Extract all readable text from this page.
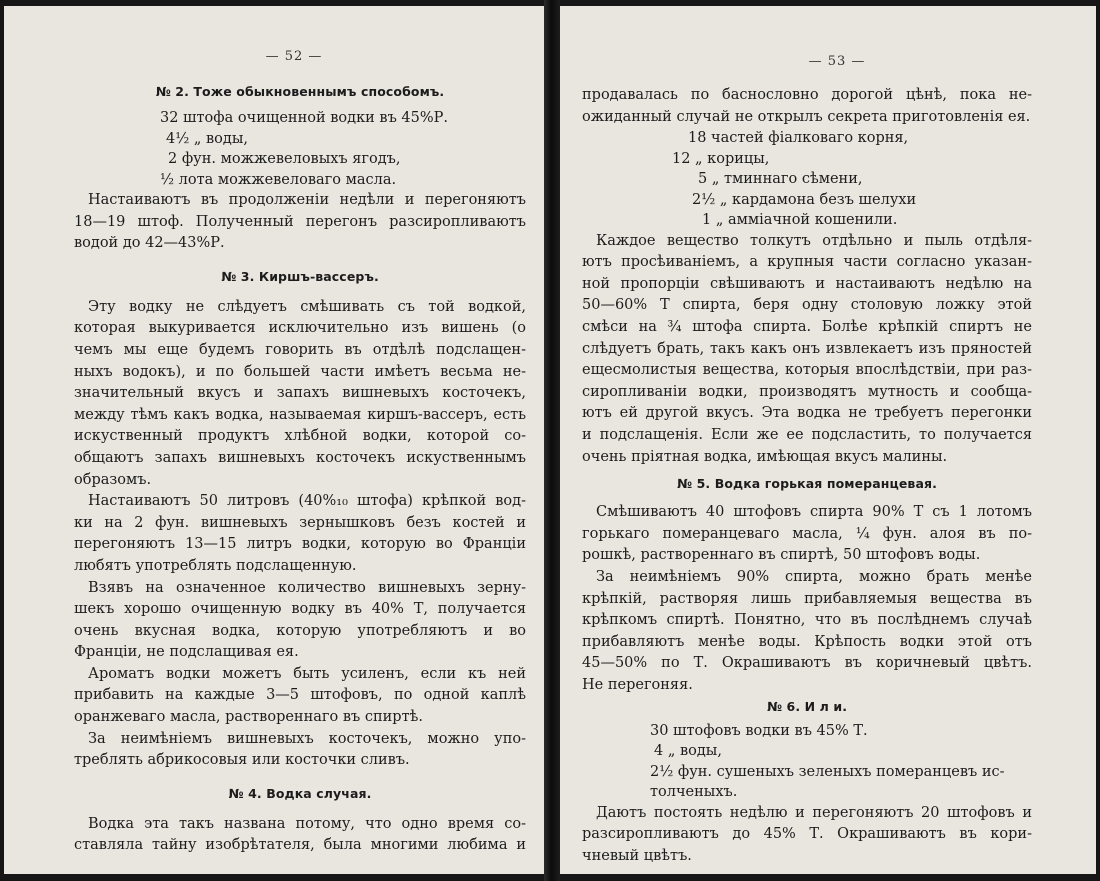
— 52 —
№ 2. Тоже обыкновеннымъ способомъ.
32 штофа очищенной водки въ 45%Р.
4½ „ воды,
2 фун. можжевеловыхъ ягодъ,
½ лота можжевеловаго масла.
Настаиваютъ въ продолженіи недѣли и перегоняютъ
18—19 штоф. Полученный перегонъ разсиропливаютъ
водой до 42—43%Р.
№ 3. Киршъ-вассеръ.
Эту водку не слѣдуетъ смѣшивать съ той водкой,
которая выкуривается исключительно изъ вишень (о
чемъ мы еще будемъ говорить въ отдѣлѣ подслащен-
ныхъ водокъ), и по большей части имѣетъ весьма не-
значительный вкусъ и запахъ вишневыхъ косточекъ,
между тѣмъ какъ водка, называемая киршъ-вассеръ, есть
искуственный продуктъ хлѣбной водки, которой со-
общаютъ запахъ вишневыхъ косточекъ искуственнымъ
образомъ.
Настаиваютъ 50 литровъ (40%₁₀ штофа) крѣпкой вод-
ки на 2 фун. вишневыхъ зернышковъ безъ костей и
перегоняютъ 13—15 литръ водки, которую во Франціи
любятъ употреблять подслащенную.
Взявъ на означенное количество вишневыхъ зерну-
шекъ хорошо очищенную водку въ 40% Т, получается
очень вкусная водка, которую употребляютъ и во
Франціи, не подслащивая ея.
Ароматъ водки можетъ быть усиленъ, если къ ней
прибавить на каждые 3—5 штофовъ, по одной каплѣ
оранжеваго масла, раствореннаго въ спиртѣ.
За неимѣніемъ вишневыхъ косточекъ, можно упо-
треблять абрикосовыя или косточки сливъ.
№ 4. Водка случая.
Водка эта такъ названа потому, что одно время со-
ставляла тайну изобрѣтателя, была многими любима и
— 53 —
продавалась по баснословно дорогой цѣнѣ, пока не-
ожиданный случай не открылъ секрета приготовленія ея.
18 частей фіалковаго корня,
12 „ корицы,
5 „ тминнаго сѣмени,
2½ „ кардамона безъ шелухи
1 „ аммiачной кошенили.
Каждое вещество толкутъ отдѣльно и пыль отдѣля-
ютъ просѣиваніемъ, а крупныя части согласно указан-
ной пропорціи свѣшиваютъ и настаиваютъ недѣлю на
50—60% Т спирта, беря одну столовую ложку этой
смѣси на ¾ штофа спирта. Болѣе крѣпкій спиртъ не
слѣдуетъ брать, такъ какъ онъ извлекаетъ изъ пряностей
ещесмолистыя вещества, которыя впослѣдствіи, при раз-
сиропливаніи водки, производятъ мутность и сообща-
ютъ ей другой вкусъ. Эта водка не требуетъ перегонки
и подслащенія. Если же ее подсластить, то получается
очень пріятная водка, имѣющая вкусъ малины.
№ 5. Водка горькая померанцевая.
Смѣшиваютъ 40 штофовъ спирта 90% Т съ 1 лотомъ
горькаго померанцеваго масла, ¼ фун. алоя въ по-
рошкѣ, раствореннаго въ спиртѣ, 50 штофовъ воды.
За неимѣніемъ 90% спирта, можно брать менѣе
крѣпкій, растворяя лишь прибавляемыя вещества въ
крѣпкомъ спиртѣ. Понятно, что въ послѣднемъ случаѣ
прибавляютъ менѣе воды. Крѣпость водки этой отъ
45—50% по Т. Окрашиваютъ въ коричневый цвѣтъ.
Не перегоняя.
№ 6. И л и.
30 штофовъ водки въ 45% Т.
4 „ воды,
2½ фун. сушеныхъ зеленыхъ померанцевъ ис-
толченыхъ.
Даютъ постоять недѣлю и перегоняютъ 20 штофовъ и
разсиропливаютъ до 45% Т. Окрашиваютъ въ кори-
чневый цвѣтъ.
